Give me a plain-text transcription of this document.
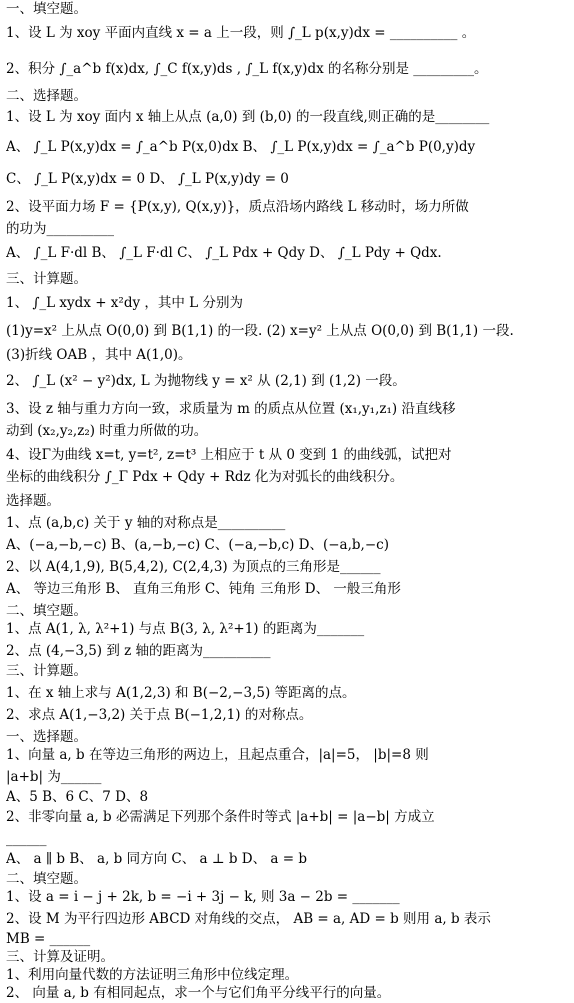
一、填空题。
1、设 L 为 xoy 平面内直线 x = a 上一段，则 ∫_L p(x,y)dx = __________ 。
2、积分 ∫_a^b f(x)dx, ∫_C f(x,y)ds , ∫_L f(x,y)dx 的名称分别是 _________。
二、选择题。
1、设 L 为 xoy 面内 x 轴上从点 (a,0) 到 (b,0) 的一段直线,则正确的是________
A、 ∫_L P(x,y)dx = ∫_a^b P(x,0)dx B、 ∫_L P(x,y)dx = ∫_a^b P(0,y)dy
C、 ∫_L P(x,y)dx = 0 D、 ∫_L P(x,y)dy = 0
2、设平面力场 F = {P(x,y), Q(x,y)}，质点沿场内路线 L 移动时，场力所做
的功为__________
A、 ∫_L F·dl B、 ∫_L F·dl C、 ∫_L Pdx + Qdy D、 ∫_L Pdy + Qdx.
三、计算题。
1、 ∫_L xydx + x²dy ，其中 L 分别为
(1)y=x² 上从点 O(0,0) 到 B(1,1) 的一段. (2) x=y² 上从点 O(0,0) 到 B(1,1) 一段.
(3)折线 OAB ，其中 A(1,0)。
2、 ∫_L (x² − y²)dx, L 为抛物线 y = x² 从 (2,1) 到 (1,2) 一段。
3、设 z 轴与重力方向一致，求质量为 m 的质点从位置 (x₁,y₁,z₁) 沿直线移
动到 (x₂,y₂,z₂) 时重力所做的功。
4、设Γ为曲线 x=t, y=t², z=t³ 上相应于 t 从 0 变到 1 的曲线弧，试把对
坐标的曲线积分 ∫_Γ Pdx + Qdy + Rdz 化为对弧长的曲线积分。
选择题。
1、点 (a,b,c) 关于 y 轴的对称点是__________
A、(−a,−b,−c) B、(a,−b,−c) C、(−a,−b,c) D、(−a,b,−c)
2、以 A(4,1,9), B(5,4,2), C(2,4,3) 为顶点的三角形是______
A、 等边三角形 B、 直角三角形 C、钝角 三角形 D、 一般三角形
二、填空题。
1、点 A(1, λ, λ²+1) 与点 B(3, λ, λ²+1) 的距离为_______
2、点 (4,−3,5) 到 z 轴的距离为__________
三、计算题。
1、在 x 轴上求与 A(1,2,3) 和 B(−2,−3,5) 等距离的点。
2、求点 A(1,−3,2) 关于点 B(−1,2,1) 的对称点。
一、选择题。
1、向量 a, b 在等边三角形的两边上，且起点重合，|a|=5， |b|=8 则
|a+b| 为______
A、5 B、6 C、7 D、8
2、非零向量 a, b 必需满足下列那个条件时等式 |a+b| = |a−b| 方成立
______
A、 a ∥ b B、 a, b 同方向 C、 a ⊥ b D、 a = b
二、填空题。
1、设 a = i − j + 2k, b = −i + 3j − k, 则 3a − 2b = _______
2、设 M 为平行四边形 ABCD 对角线的交点， AB = a, AD = b 则用 a, b 表示
MB = ______
三、计算及证明。
1、利用向量代数的方法证明三角形中位线定理。
2、 向量 a, b 有相同起点，求一个与它们角平分线平行的向量。
